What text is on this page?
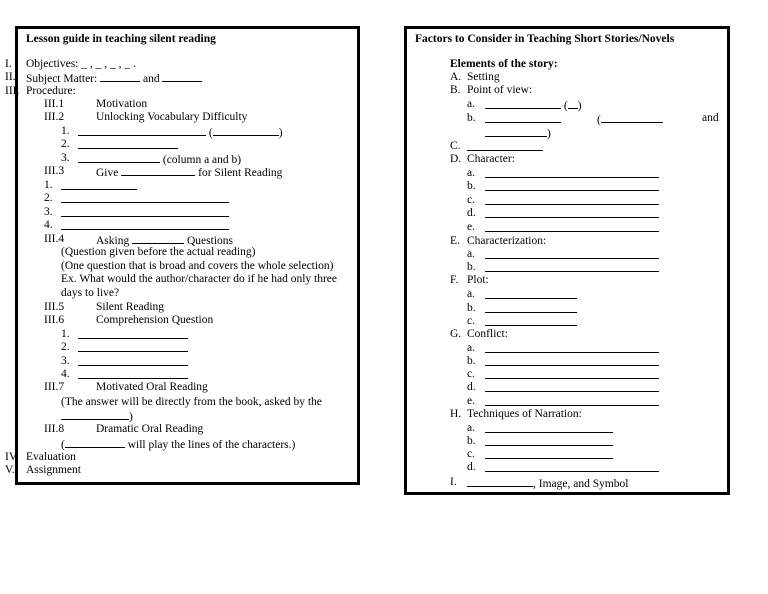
Lesson guide in teaching silent reading
I. Objectives: _ , _ , _ , _ .
II. Subject Matter:	and
III. Procedure:
III.1	Motivation
III.2	Unlocking Vocabulary Difficulty
1.	(	)
2.
3.	(column a and b)
III.3	Give	for Silent Reading
1.
2.
3.
4.
III.4	Asking	Questions
(Question given before the actual reading)
(One question that is broad and covers the whole selection)
Ex. What would the author/character do if he had only three
days to live?
III.5	Silent Reading
III.6	Comprehension Question
1.
2.
3.
4.
III.7	Motivated Oral Reading
(The answer will be directly from the book, asked by the
)
III.8	Dramatic Oral Reading
(	will play the lines of the characters.)
IV. Evaluation
V. Assignment
Factors to Consider in Teaching Short Stories/Novels
Elements of the story:
A. Setting
B. Point of view:
a.	( )
b.	(	and
)
C.
D. Character:
a.
b.
c.
d.
e.
E. Characterization:
a.
b.
F. Plot:
a.
b.
c.
G. Conflict:
a.
b.
c.
d.
e.
H. Techniques of Narration:
a.
b.
c.
d.
I.	, Image, and Symbol
